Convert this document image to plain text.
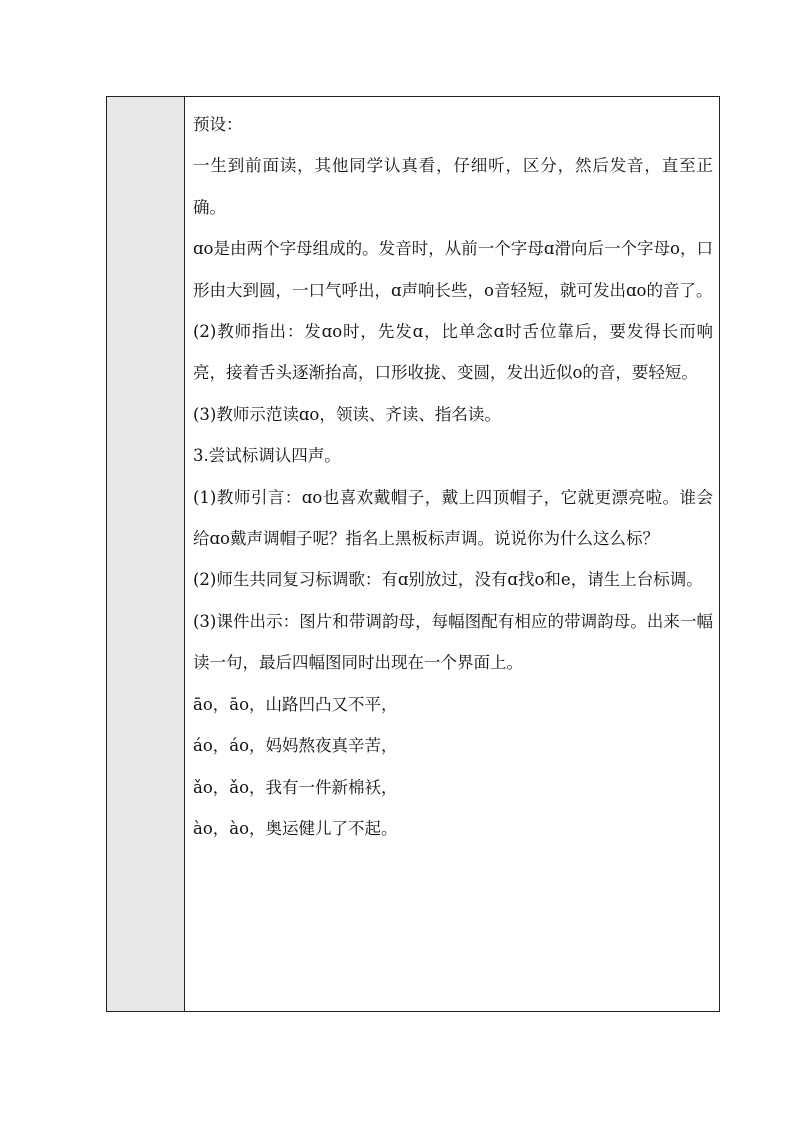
预设：

一生到前面读，其他同学认真看，仔细听，区分，然后发音，直至正确。

ɑo是由两个字母组成的。发音时，从前一个字母ɑ滑向后一个字母o，口形由大到圆，一口气呼出，ɑ声响长些，o音轻短，就可发出ɑo的音了。

(2)教师指出：发ɑo时，先发ɑ，比单念ɑ时舌位靠后，要发得长而响亮，接着舌头逐渐抬高，口形收拢、变圆，发出近似o的音，要轻短。

(3)教师示范读ɑo，领读、齐读、指名读。

3.尝试标调认四声。

(1)教师引言：ɑo也喜欢戴帽子，戴上四顶帽子，它就更漂亮啦。谁会给ɑo戴声调帽子呢？指名上黑板标声调。说说你为什么这么标？

(2)师生共同复习标调歌：有ɑ别放过，没有ɑ找o和e，请生上台标调。

(3)课件出示：图片和带调韵母，每幅图配有相应的带调韵母。出来一幅读一句，最后四幅图同时出现在一个界面上。

āo，āo，山路凹凸又不平，

áo，áo，妈妈熬夜真辛苦，

ǎo，ǎo，我有一件新棉袄，

ào，ào，奥运健儿了不起。
